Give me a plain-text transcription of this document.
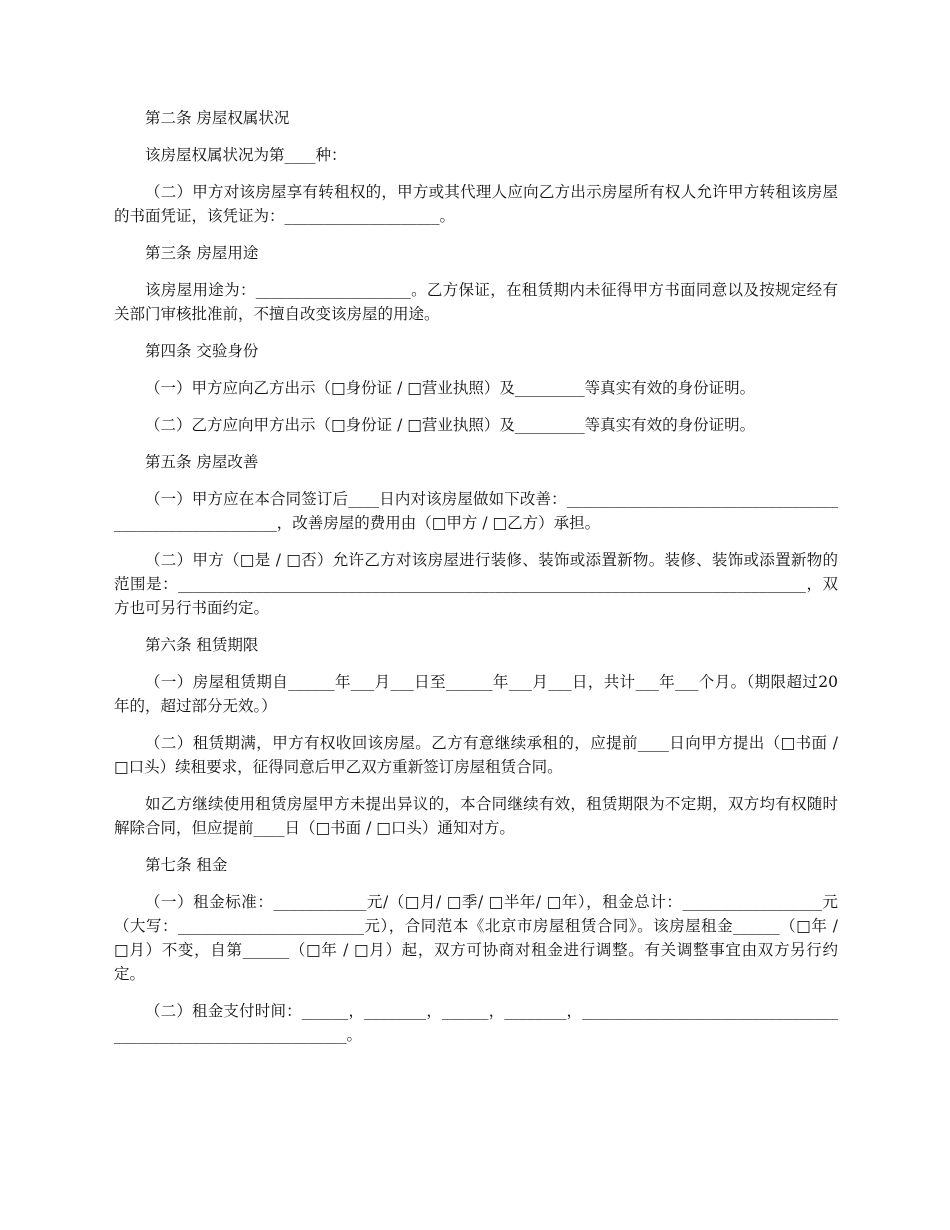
第二条 房屋权属状况

该房屋权属状况为第____种：

（二）甲方对该房屋享有转租权的，甲方或其代理人应向乙方出示房屋所有权人允许甲方转租该房屋的书面凭证，该凭证为：____________________。

第三条 房屋用途

该房屋用途为：____________________。乙方保证，在租赁期内未征得甲方书面同意以及按规定经有关部门审核批准前，不擅自改变该房屋的用途。

第四条 交验身份

（一）甲方应向乙方出示（□身份证 / □营业执照）及_________等真实有效的身份证明。

（二）乙方应向甲方出示（□身份证 / □营业执照）及_________等真实有效的身份证明。

第五条 房屋改善

（一）甲方应在本合同签订后____日内对该房屋做如下改善：________________________________________________________，改善房屋的费用由（□甲方 / □乙方）承担。

（二）甲方（□是 / □否）允许乙方对该房屋进行装修、装饰或添置新物。装修、装饰或添置新物的范围是：_________________________________________________________________________________，双方也可另行书面约定。

第六条 租赁期限

（一）房屋租赁期自______年___月___日至______年___月___日，共计___年___个月。（期限超过20年的，超过部分无效。）

（二）租赁期满，甲方有权收回该房屋。乙方有意继续承租的，应提前____日向甲方提出（□书面 / □口头）续租要求，征得同意后甲乙双方重新签订房屋租赁合同。

如乙方继续使用租赁房屋甲方未提出异议的，本合同继续有效，租赁期限为不定期，双方均有权随时解除合同，但应提前____日（□书面 / □口头）通知对方。

第七条 租金

（一）租金标准：____________元/（□月/ □季/ □半年/ □年），租金总计：__________________元（大写：________________________元），合同范本《北京市房屋租赁合同》。该房屋租金______（□年 / □月）不变，自第______（□年 / □月）起，双方可协商对租金进行调整。有关调整事宜由双方另行约定。

（二）租金支付时间：______，________，______，________，_______________________________________________________________。
